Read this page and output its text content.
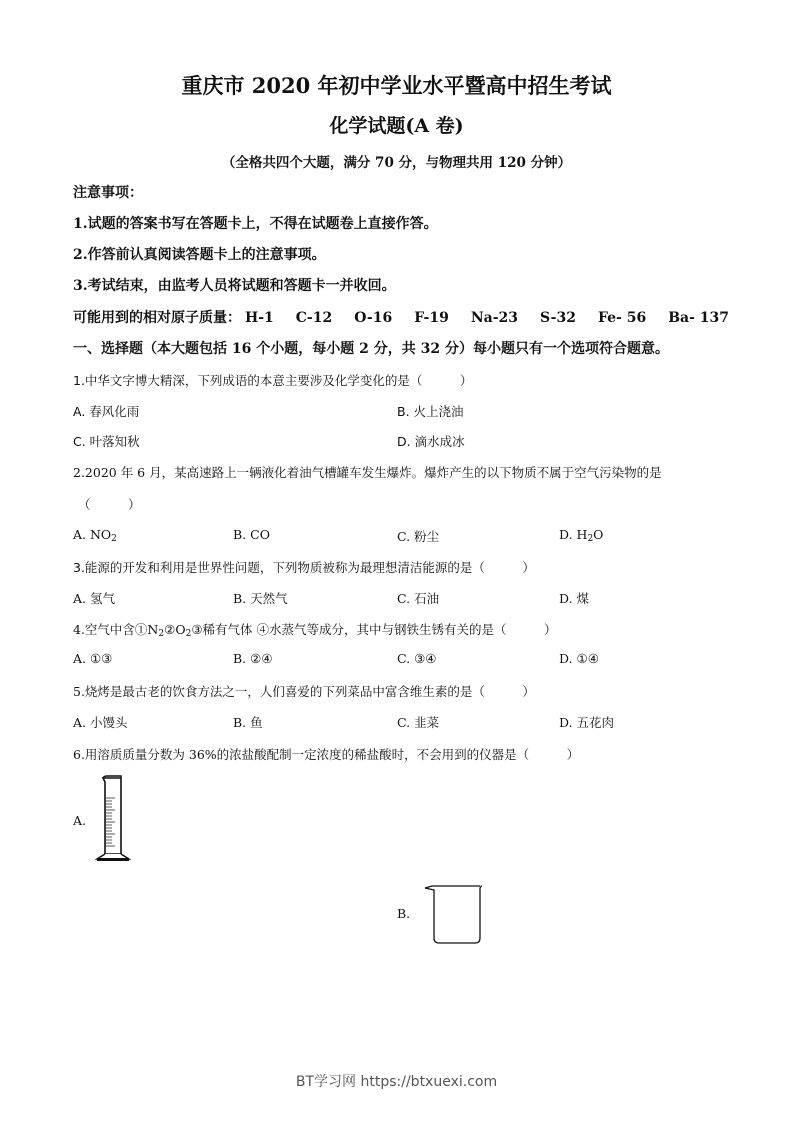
重庆市 2020 年初中学业水平暨高中招生考试
化学试题(A 卷)
（全格共四个大题，满分 70 分，与物理共用 120 分钟）
注意事项：
1.试题的答案书写在答题卡上，不得在试题卷上直接作答。
2.作答前认真阅读答题卡上的注意事项。
3.考试结束，由监考人员将试题和答题卡一并收回。
可能用到的相对原子质量： H-1 C-12 O-16 F-19 Na-23 S-32 Fe- 56 Ba- 137
一、选择题（本大题包括 16 个小题，每小题 2 分，共 32 分）每小题只有一个选项符合题意。
1.中华文字博大精深，下列成语的本意主要涉及化学变化的是（　　　）
A. 春风化雨	B. 火上浇油
C. 叶落知秋	D. 滴水成冰
2.2020 年 6 月，某高速路上一辆液化着油气槽罐车发生爆炸。爆炸产生的以下物质不属于空气污染物的是
（　　　）
A. $NO_2$	B. CO	C. 粉尘	D. $H_2O$
3.能源的开发和利用是世界性问题，下列物质被称为最理想清洁能源的是（　　　）
A. 氢气	B. 天然气	C. 石油	D. 煤
4.空气中含$①N_2②O_2③$稀有气体 ④水蒸气等成分，其中与钢铁生锈有关的是（　　　）
A. ①③	B. ②④	C. ③④	D. ①④
5.烧烤是最古老的饮食方法之一，人们喜爱的下列菜品中富含维生素的是（　　　）
A. 小馒头	B. 鱼	C. 韭菜	D. 五花肉
6.用溶质质量分数为 36%的浓盐酸配制一定浓度的稀盐酸时，不会用到的仪器是（　　　）
A.
B.
BT学习网 https://btxuexi.com
